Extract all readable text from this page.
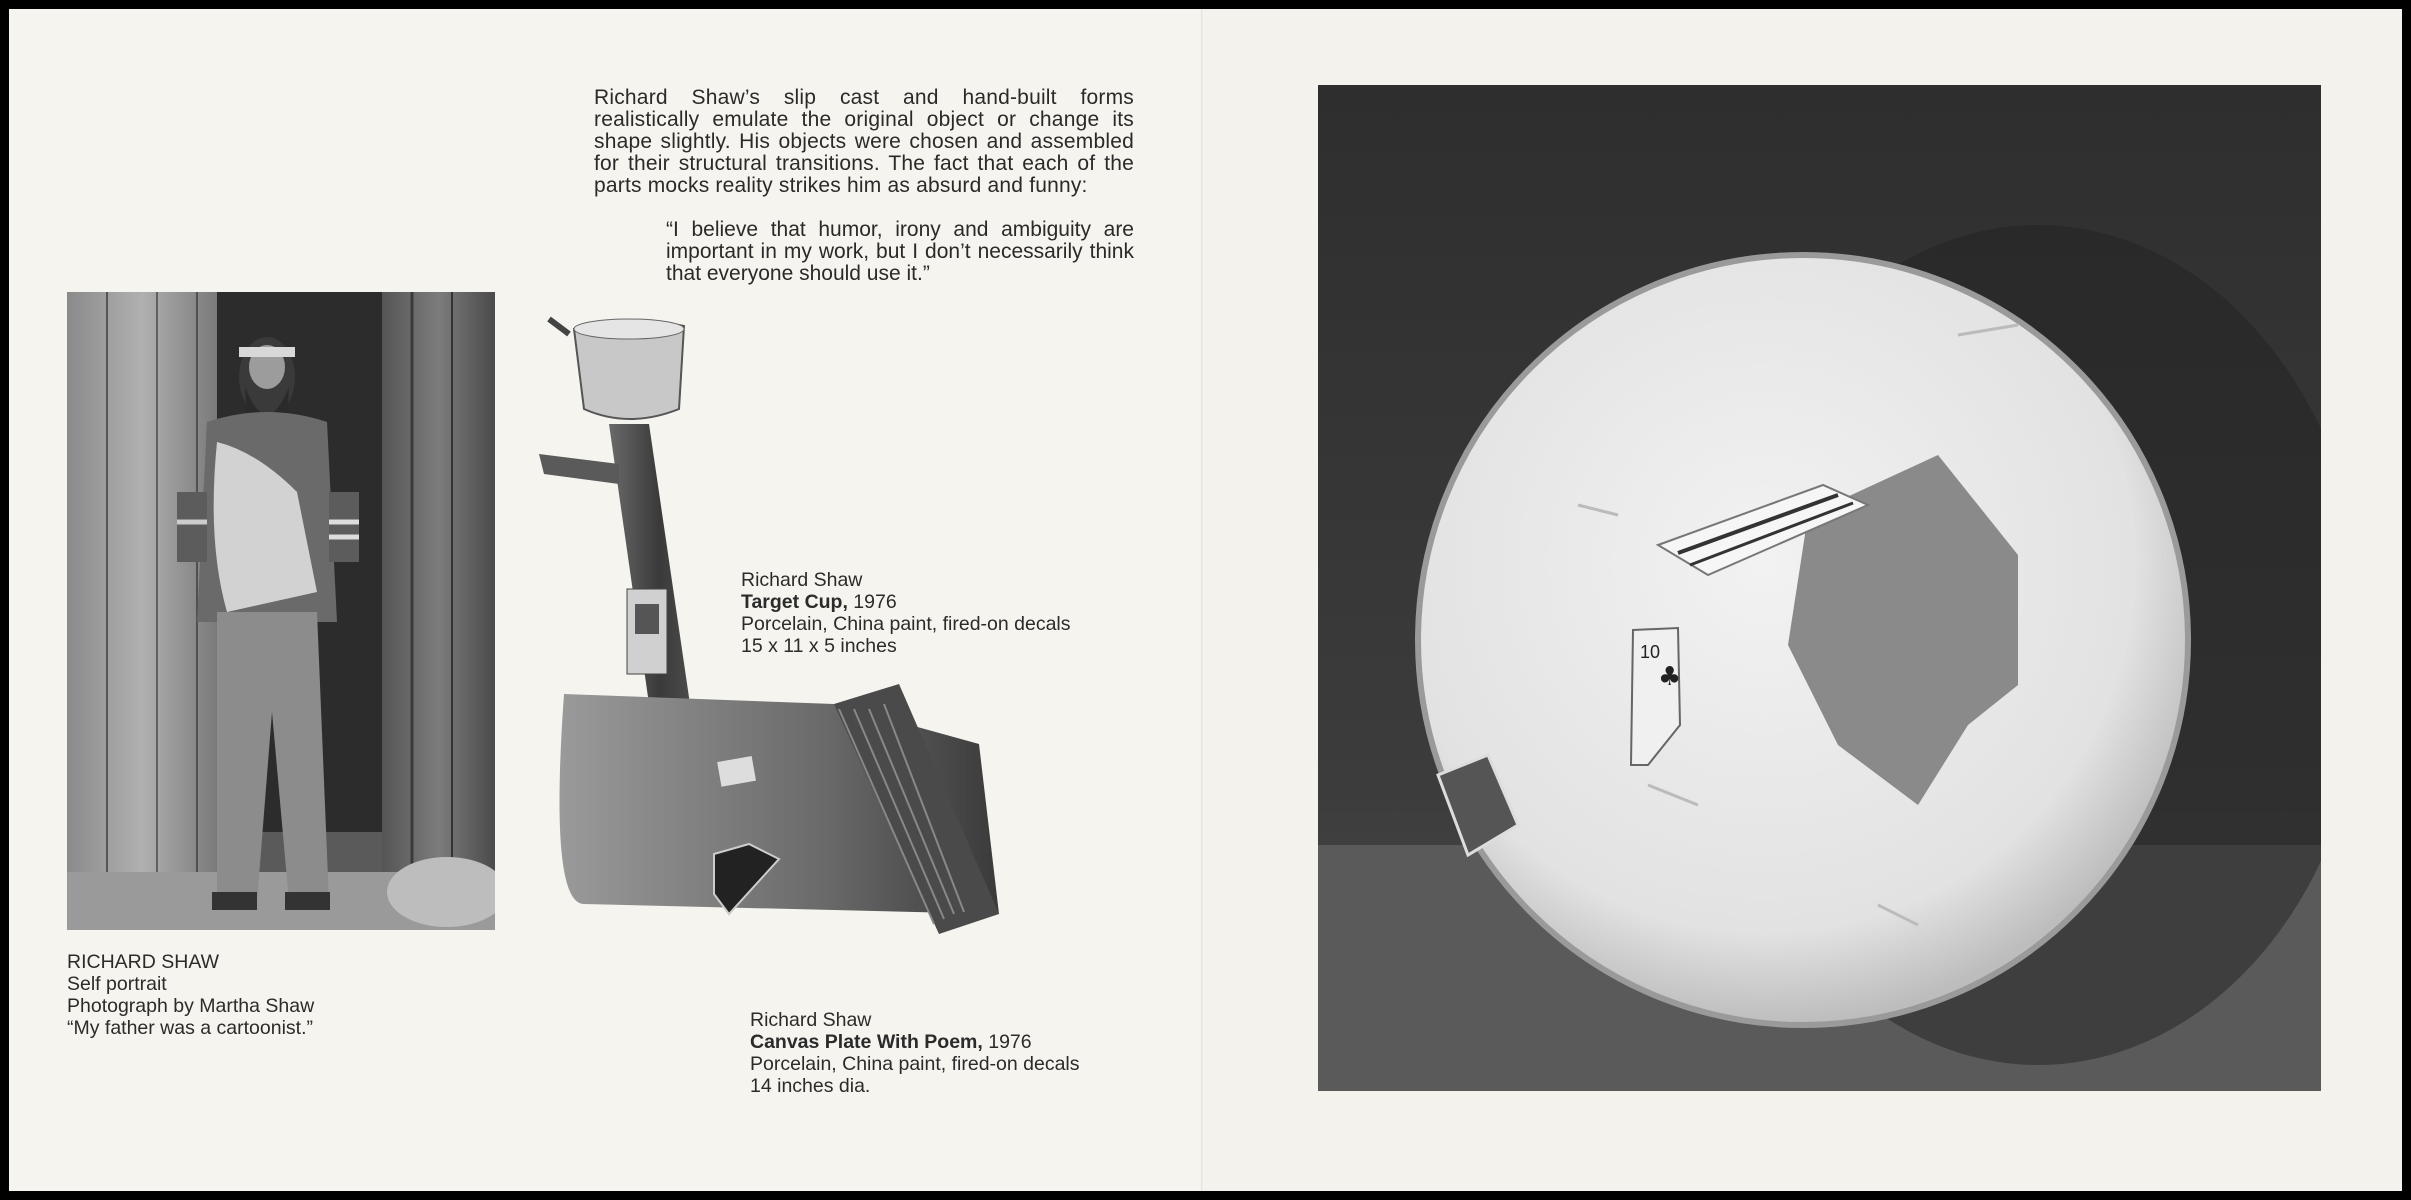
Richard Shaw’s slip cast and hand-built forms realistically emulate the original object or change its shape slightly. His objects were chosen and assembled for their structural transitions. The fact that each of the parts mocks reality strikes him as absurd and funny:

“I believe that humor, irony and ambiguity are important in my work, but I don’t necessarily think that everyone should use it.”

RICHARD SHAW
Self portrait
Photograph by Martha Shaw
“My father was a cartoonist.”
Richard Shaw
Target Cup, 1976
Porcelain, China paint, fired-on decals
15 x 11 x 5 inches
Richard Shaw
Canvas Plate With Poem, 1976
Porcelain, China paint, fired-on decals
14 inches dia.
10
♣
